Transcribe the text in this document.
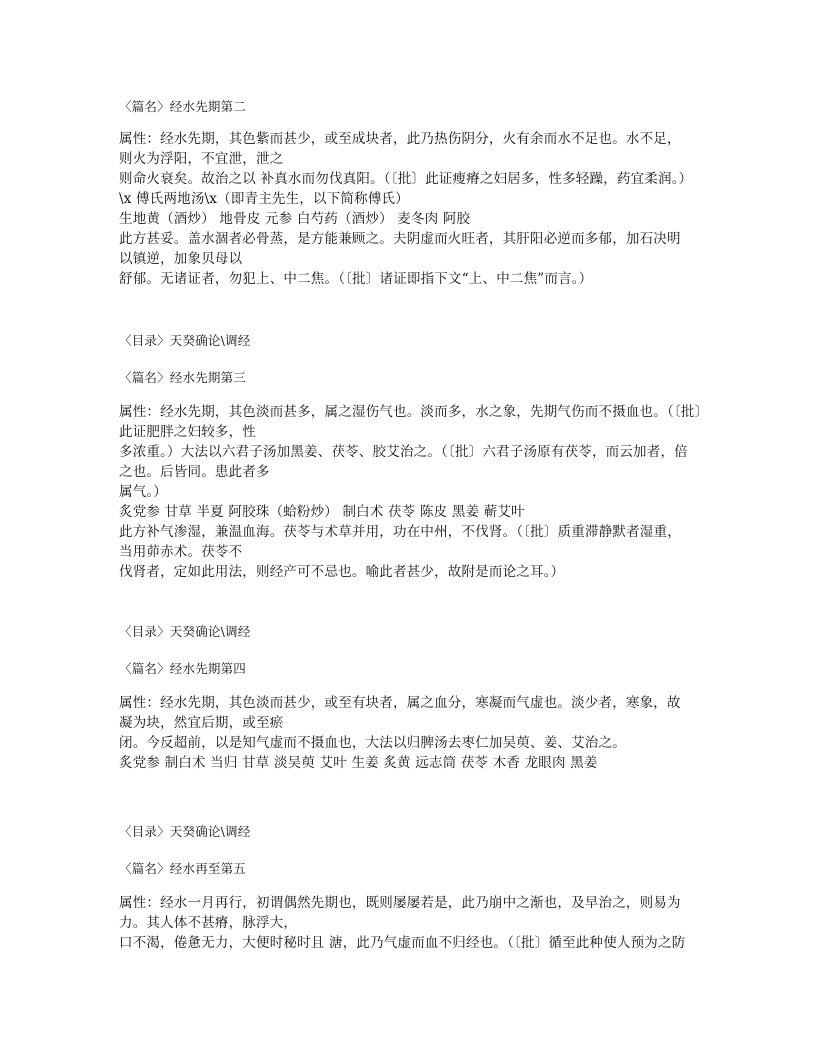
〈篇名〉经水先期第二
属性：经水先期，其色紫而甚少，或至成块者，此乃热伤阴分，火有余而水不足也。水不足，
则火为浮阳，不宜泄，泄之
则命火衰矣。故治之以 补真水而勿伐真阳。（〔批〕此证瘦瘠之妇居多，性多轻躁，药宜柔润。）
\x 傅氏两地汤\x（即青主先生，以下简称傅氏）
生地黄（酒炒） 地骨皮 元参 白芍药（酒炒） 麦冬肉 阿胶
此方甚妥。盖水涸者必骨蒸，是方能兼顾之。夫阴虚而火旺者，其肝阳必逆而多郁，加石决明
以镇逆，加象贝母以
舒郁。无诸证者，勿犯上、中二焦。（〔批〕诸证即指下文“上、中二焦”而言。）
〈目录〉天癸确论\调经
〈篇名〉经水先期第三
属性：经水先期，其色淡而甚多，属之湿伤气也。淡而多，水之象，先期气伤而不摄血也。（〔批〕
此证肥胖之妇较多，性
多浓重。）大法以六君子汤加黑姜、茯苓、胶艾治之。（〔批〕六君子汤原有茯苓，而云加者，倍
之也。后皆同。患此者多
属气。）
炙党参 甘草 半夏 阿胶珠（蛤粉炒） 制白术 茯苓 陈皮 黑姜 蕲艾叶
此方补气渗湿，兼温血海。茯苓与术草并用，功在中州，不伐肾。（〔批〕质重滞静默者湿重，
当用茆赤术。茯苓不
伐肾者，定如此用法，则经产可不忌也。喻此者甚少，故附是而论之耳。）
〈目录〉天癸确论\调经
〈篇名〉经水先期第四
属性：经水先期，其色淡而甚少，或至有块者，属之血分，寒凝而气虚也。淡少者，寒象，故
凝为块，然宜后期，或至瘀
闭。今反超前，以是知气虚而不摄血也，大法以归脾汤去枣仁加吴萸、姜、艾治之。
炙党参 制白术 当归 甘草 淡吴萸 艾叶 生姜 炙黄 远志筒 茯苓 木香 龙眼肉 黑姜
〈目录〉天癸确论\调经
〈篇名〉经水再至第五
属性：经水一月再行，初谓偶然先期也，既则屡屡若是，此乃崩中之渐也，及早治之，则易为
力。其人体不甚瘠，脉浮大，
口不渴，倦惫无力，大便时秘时且 溏，此乃气虚而血不归经也。（〔批〕循至此种使人预为之防
